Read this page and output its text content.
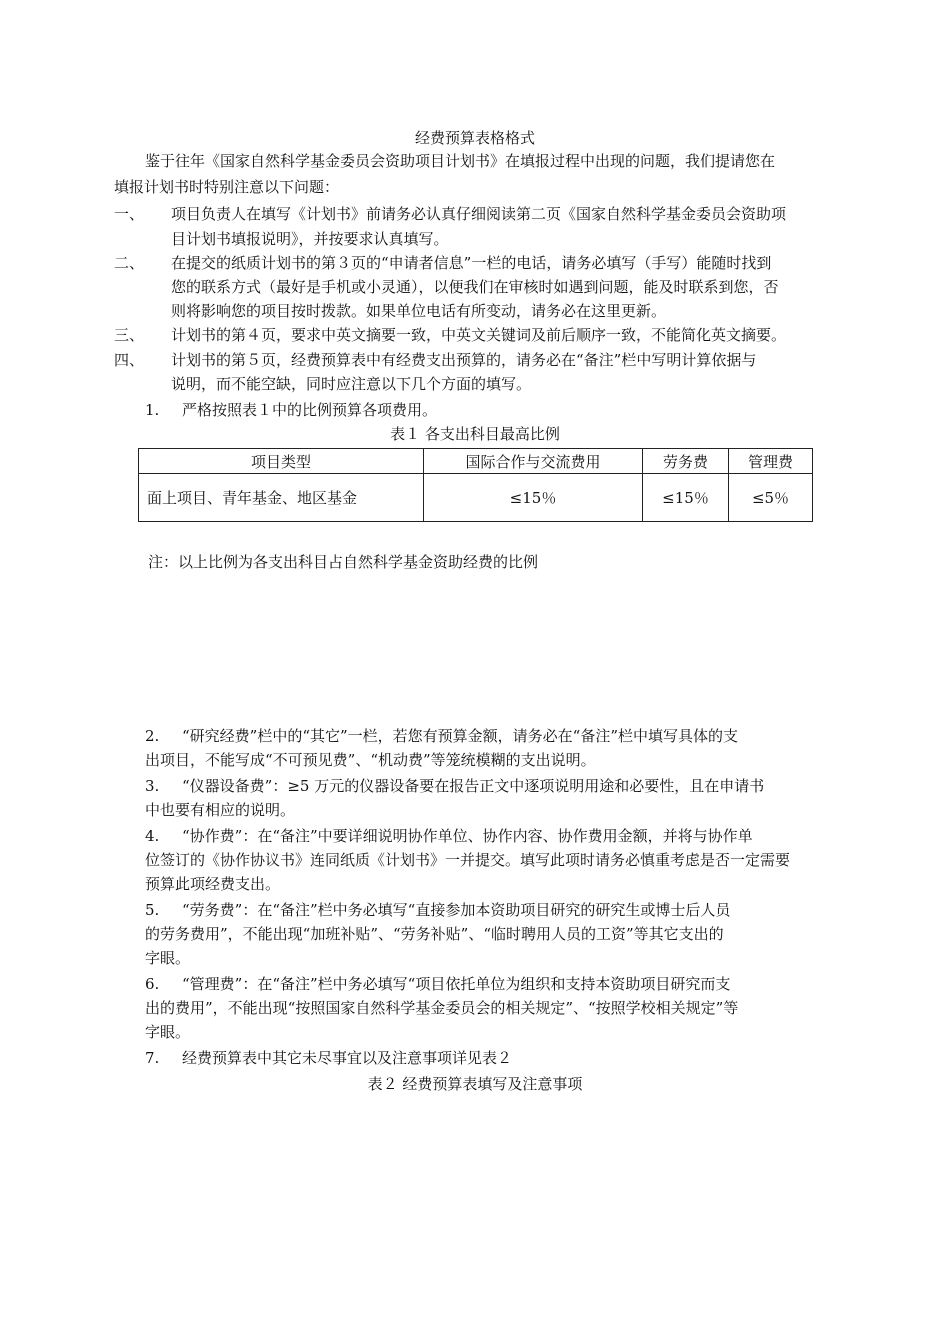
经费预算表格格式
鉴于往年《国家自然科学基金委员会资助项目计划书》在填报过程中出现的问题，我们提请您在
填报计划书时特别注意以下问题：
一、 项目负责人在填写《计划书》前请务必认真仔细阅读第二页《国家自然科学基金委员会资助项
目计划书填报说明》，并按要求认真填写。
二、 在提交的纸质计划书的第３页的“申请者信息”一栏的电话，请务必填写（手写）能随时找到
您的联系方式（最好是手机或小灵通），以便我们在审核时如遇到问题，能及时联系到您，否
则将影响您的项目按时拨款。如果单位电话有所变动，请务必在这里更新。
三、 计划书的第４页，要求中英文摘要一致，中英文关键词及前后顺序一致，不能简化英文摘要。
四、 计划书的第５页，经费预算表中有经费支出预算的，请务必在“备注”栏中写明计算依据与
说明，而不能空缺，同时应注意以下几个方面的填写。
1. 严格按照表１中的比例预算各项费用。
表１ 各支出科目最高比例
项目类型	国际合作与交流费用	劳务费	管理费
面上项目、青年基金、地区基金	≤15％	≤15％	≤5％
注：以上比例为各支出科目占自然科学基金资助经费的比例
2. “研究经费”栏中的“其它”一栏，若您有预算金额，请务必在“备注”栏中填写具体的支
出项目，不能写成“不可预见费”、“机动费”等笼统模糊的支出说明。
3. “仪器设备费”：≥5 万元的仪器设备要在报告正文中逐项说明用途和必要性，且在申请书
中也要有相应的说明。
4. “协作费”：在“备注”中要详细说明协作单位、协作内容、协作费用金额，并将与协作单
位签订的《协作协议书》连同纸质《计划书》一并提交。填写此项时请务必慎重考虑是否一定需要
预算此项经费支出。
5. “劳务费”：在“备注”栏中务必填写“直接参加本资助项目研究的研究生或博士后人员
的劳务费用”，不能出现“加班补贴”、“劳务补贴”、“临时聘用人员的工资”等其它支出的
字眼。
6. “管理费”：在“备注”栏中务必填写“项目依托单位为组织和支持本资助项目研究而支
出的费用”，不能出现“按照国家自然科学基金委员会的相关规定”、“按照学校相关规定”等
字眼。
7. 经费预算表中其它未尽事宜以及注意事项详见表２
表２ 经费预算表填写及注意事项
